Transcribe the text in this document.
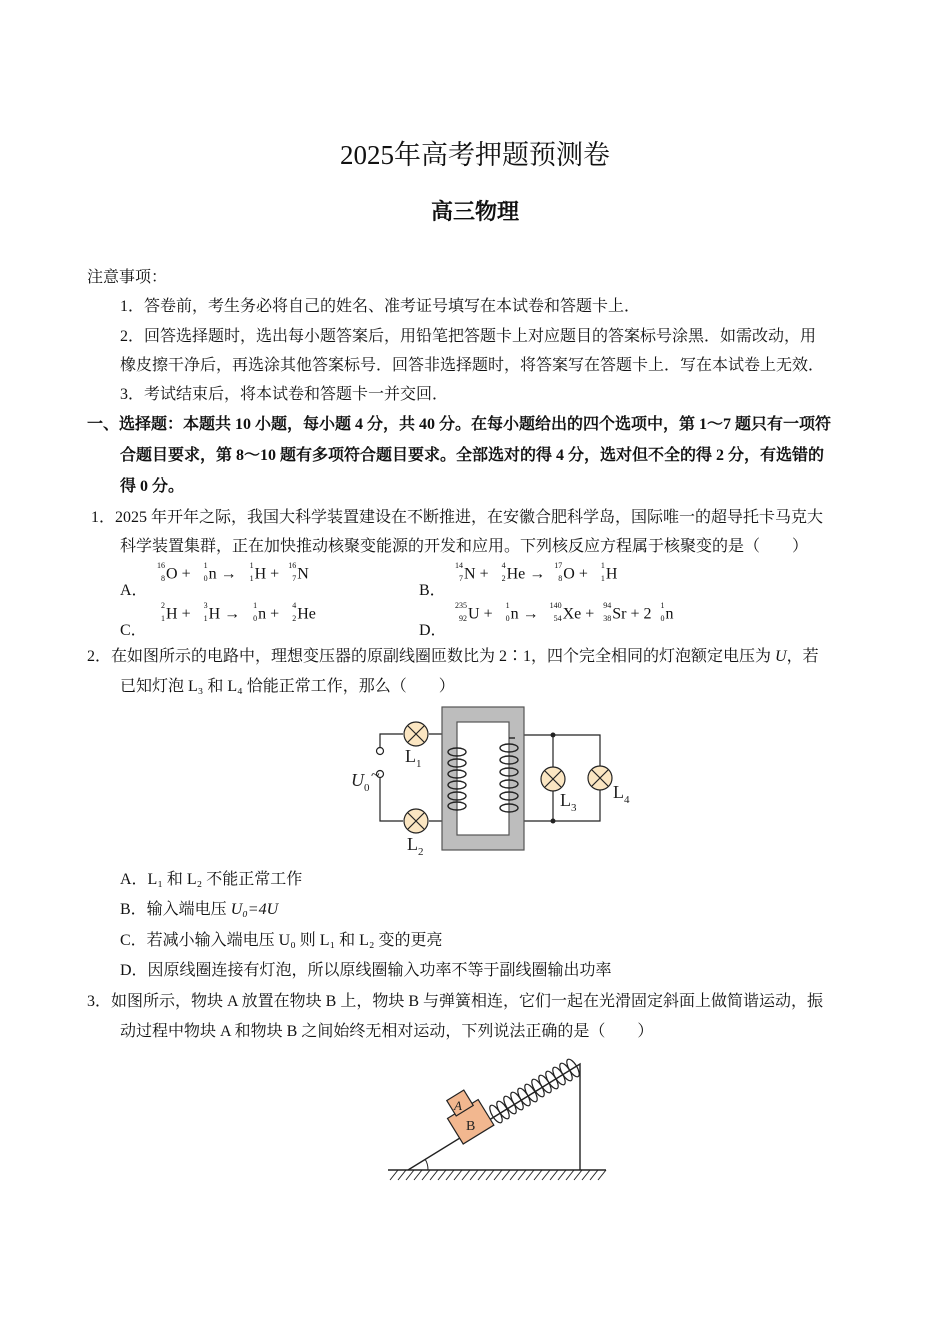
2025年高考押题预测卷
高三物理
注意事项：
1．答卷前，考生务必将自己的姓名、准考证号填写在本试卷和答题卡上．
2．回答选择题时，选出每小题答案后，用铅笔把答题卡上对应题目的答案标号涂黑．如需改动，用
橡皮擦干净后，再选涂其他答案标号．回答非选择题时，将答案写在答题卡上．写在本试卷上无效．
3．考试结束后，将本试卷和答题卡一并交回．
一、选择题：本题共 10 小题，每小题 4 分，共 40 分。在每小题给出的四个选项中，第 1～7 题只有一项符
合题目要求，第 8～10 题有多项符合题目要求。全部选对的得 4 分，选对但不全的得 2 分，有选错的
得 0 分。
1．2025 年开年之际，我国大科学装置建设在不断推进，在安徽合肥科学岛，国际唯一的超导托卡马克大
科学装置集群，正在加快推动核聚变能源的开发和应用。下列核反应方程属于核聚变的是（　　）
A．
16
8 O +
1
0 n →
1
1 H +
16
7 N
B．
14
7 N +
4
2 He →
17
8 O +
1
1 H
C．
2
1 H +
3
1 H →
1
0 n +
4
2 He
D．
235
92 U +
1
0 n →
140
54 Xe +
94
38 Sr + 2
1
0 n
2．在如图所示的电路中，理想变压器的原副线圈匝数比为 2∶1，四个完全相同的灯泡额定电压为 U，若
已知灯泡 L₃ 和 L₄ 恰能正常工作，那么（　　）
$L_1$
$L_2$
$L_3$
$L_4$
$U_0$
~
A．L₁ 和 L₂ 不能正常工作
B．输入端电压 U₀=4U
C．若减小输入端电压 U₀ 则 L₁ 和 L₂ 变的更亮
D．因原线圈连接有灯泡，所以原线圈输入功率不等于副线圈输出功率
3．如图所示，物块 A 放置在物块 B 上，物块 B 与弹簧相连，它们一起在光滑固定斜面上做简谐运动，振
动过程中物块 A 和物块 B 之间始终无相对运动，下列说法正确的是（　　）
B
A
